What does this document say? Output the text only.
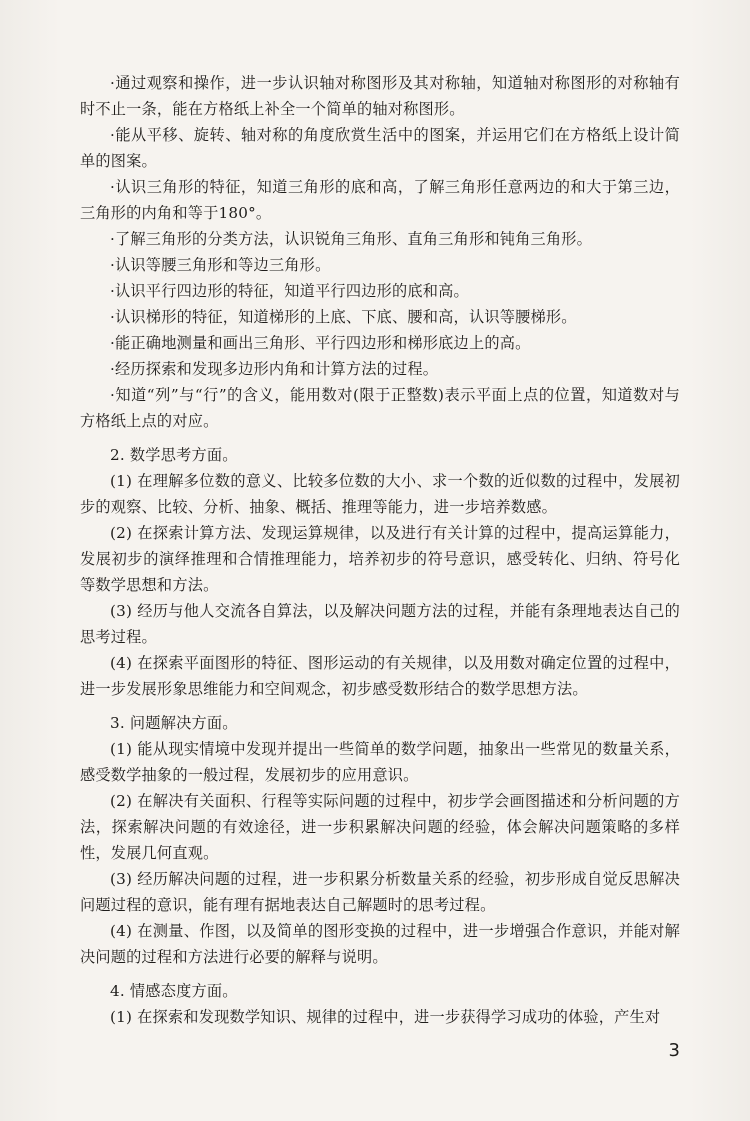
·通过观察和操作，进一步认识轴对称图形及其对称轴，知道轴对称图形的对称轴有时不止一条，能在方格纸上补全一个简单的轴对称图形。

·能从平移、旋转、轴对称的角度欣赏生活中的图案，并运用它们在方格纸上设计简单的图案。

·认识三角形的特征，知道三角形的底和高，了解三角形任意两边的和大于第三边，三角形的内角和等于180°。

·了解三角形的分类方法，认识锐角三角形、直角三角形和钝角三角形。

·认识等腰三角形和等边三角形。

·认识平行四边形的特征，知道平行四边形的底和高。

·认识梯形的特征，知道梯形的上底、下底、腰和高，认识等腰梯形。

·能正确地测量和画出三角形、平行四边形和梯形底边上的高。

·经历探索和发现多边形内角和计算方法的过程。

·知道“列”与“行”的含义，能用数对(限于正整数)表示平面上点的位置，知道数对与方格纸上点的对应。

2. 数学思考方面。

(1) 在理解多位数的意义、比较多位数的大小、求一个数的近似数的过程中，发展初步的观察、比较、分析、抽象、概括、推理等能力，进一步培养数感。

(2) 在探索计算方法、发现运算规律，以及进行有关计算的过程中，提高运算能力，发展初步的演绎推理和合情推理能力，培养初步的符号意识，感受转化、归纳、符号化等数学思想和方法。

(3) 经历与他人交流各自算法，以及解决问题方法的过程，并能有条理地表达自己的思考过程。

(4) 在探索平面图形的特征、图形运动的有关规律，以及用数对确定位置的过程中，进一步发展形象思维能力和空间观念，初步感受数形结合的数学思想方法。

3. 问题解决方面。

(1) 能从现实情境中发现并提出一些简单的数学问题，抽象出一些常见的数量关系，感受数学抽象的一般过程，发展初步的应用意识。

(2) 在解决有关面积、行程等实际问题的过程中，初步学会画图描述和分析问题的方法，探索解决问题的有效途径，进一步积累解决问题的经验，体会解决问题策略的多样性，发展几何直观。

(3) 经历解决问题的过程，进一步积累分析数量关系的经验，初步形成自觉反思解决问题过程的意识，能有理有据地表达自己解题时的思考过程。

(4) 在测量、作图，以及简单的图形变换的过程中，进一步增强合作意识，并能对解决问题的过程和方法进行必要的解释与说明。

4. 情感态度方面。

(1) 在探索和发现数学知识、规律的过程中，进一步获得学习成功的体验，产生对

3
